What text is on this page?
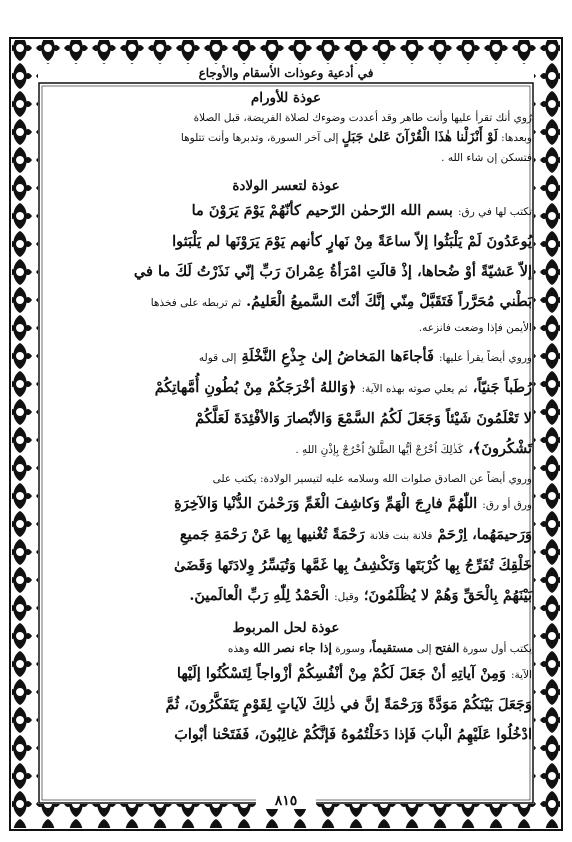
في أدعية وعوذات الأسقام والأوجاع
عوذة للأورام

رُوي أنك تقرأ عليها وأنت طاهر وقد أعددت وضوءك لصلاة الفريضة، قبل الصلاة

وبعدها: لَوْ أَنْزَلْنا هٰذَا الْقُرْآنَ عَلىٰ جَبَلٍ إلى آخر السورة، وتدبرها وأنت تتلوها

فتسكن إن شاء الله .

عوذة لتعسر الولادة

تكتب لها في رق: بسم الله الرّحمٰن الرّحيم كأنّهُمْ يَوْمَ يَرَوْنَ ما

يُوعَدُونَ لَمْ يَلْبَثُوا إلاّ ساعَةً مِنْ نَهارٍ كأنهم يَوْمَ يَرَوْنَها لم يَلْبَثوا

إلاّ عَشيّةً أوْ ضُحاها، إذْ قالَتِ امْرَأةُ عِمْرانَ رَبِّ إنّي نَذَرْتُ لَكَ ما في

بَطْني مُحَرَّراً فَتَقَبَّلْ مِنّي إنَّكَ أنْتَ السَّميعُ الْعَليمُ. ثم تربطه على فخذها

الأيمن فإذا وضعت فانزعه.

وروي أيضاً يقرأ عليها: فَأجاءَها المَخاضُ إلىٰ جِذْعِ النَّخْلَةِ إلى قوله

رُطَباً جَنيّاً، ثم يعلي صوته بهذه الآية: ﴿وَاللهُ أخْرَجَكُمْ مِنْ بُطُونِ أُمَّهاتِكُمْ

لا تَعْلَمُونَ شَيْئاً وَجَعَلَ لَكُمُ السَّمْعَ وَالأبْصارَ وَالأفْئِدَةَ لَعَلَّكُمْ

تَشْكُرونَ﴾، كَذٰلِكَ اُخْرُجْ أيُّها الطَّلقُ اُخْرُجْ بِإذْنِ اللهِ .

وروي أيضاً عن الصادق صلوات الله وسلامه عليه لتيسير الولادة: يكتب على

ورق أو رق: اللّٰهُمَّ فارِجَ الْهَمِّ وَكاشِفَ الْغَمِّ وَرَحْمٰنَ الدُّنْيا وَالآخِرَةِ

وَرَحيمَهُما، اِرْحَمْ فلانة بنت فلانة رَحْمَةً تُغْنيها بِها عَنْ رَحْمَةِ جَميعِ

خَلْقِكَ تُفَرِّجُ بِها كُرْبَتَها وَتَكْشِفُ بِها غَمَّها وَتُيَسِّرُ وِلادَتَها وَقَضَىٰ

بَيْنَهُمْ بِالْحَقِّ وَهُمْ لا يُظْلَمُونَ؛ وقيل: الْحَمْدُ لِلّٰهِ رَبِّ الْعالَمينَ.

عوذة لحل المربوط

يكتب أول سورة الفتح إلى مستقيماً، وسورة إذا جاء نصر الله وهذه

الآية: وَمِنْ آياتِهِ أنْ جَعَلَ لَكُمْ مِنْ أنْفُسِكُمْ أزْواجاً لِتَسْكُنُوا إلَيْها

وَجَعَلَ بَيْنَكُمْ مَوَدَّةً وَرَحْمَةً إنَّ في ذٰلِكَ لآياتٍ لِقَوْمٍ يَتَفَكَّرُونَ، ثُمَّ

ادْخُلُوا عَلَيْهِمُ الْبابَ فَإذا دَخَلْتُمُوهُ فَإنَّكُمْ غالِبُونَ، فَفَتَحْنا أبْوابَ

٨١٥
